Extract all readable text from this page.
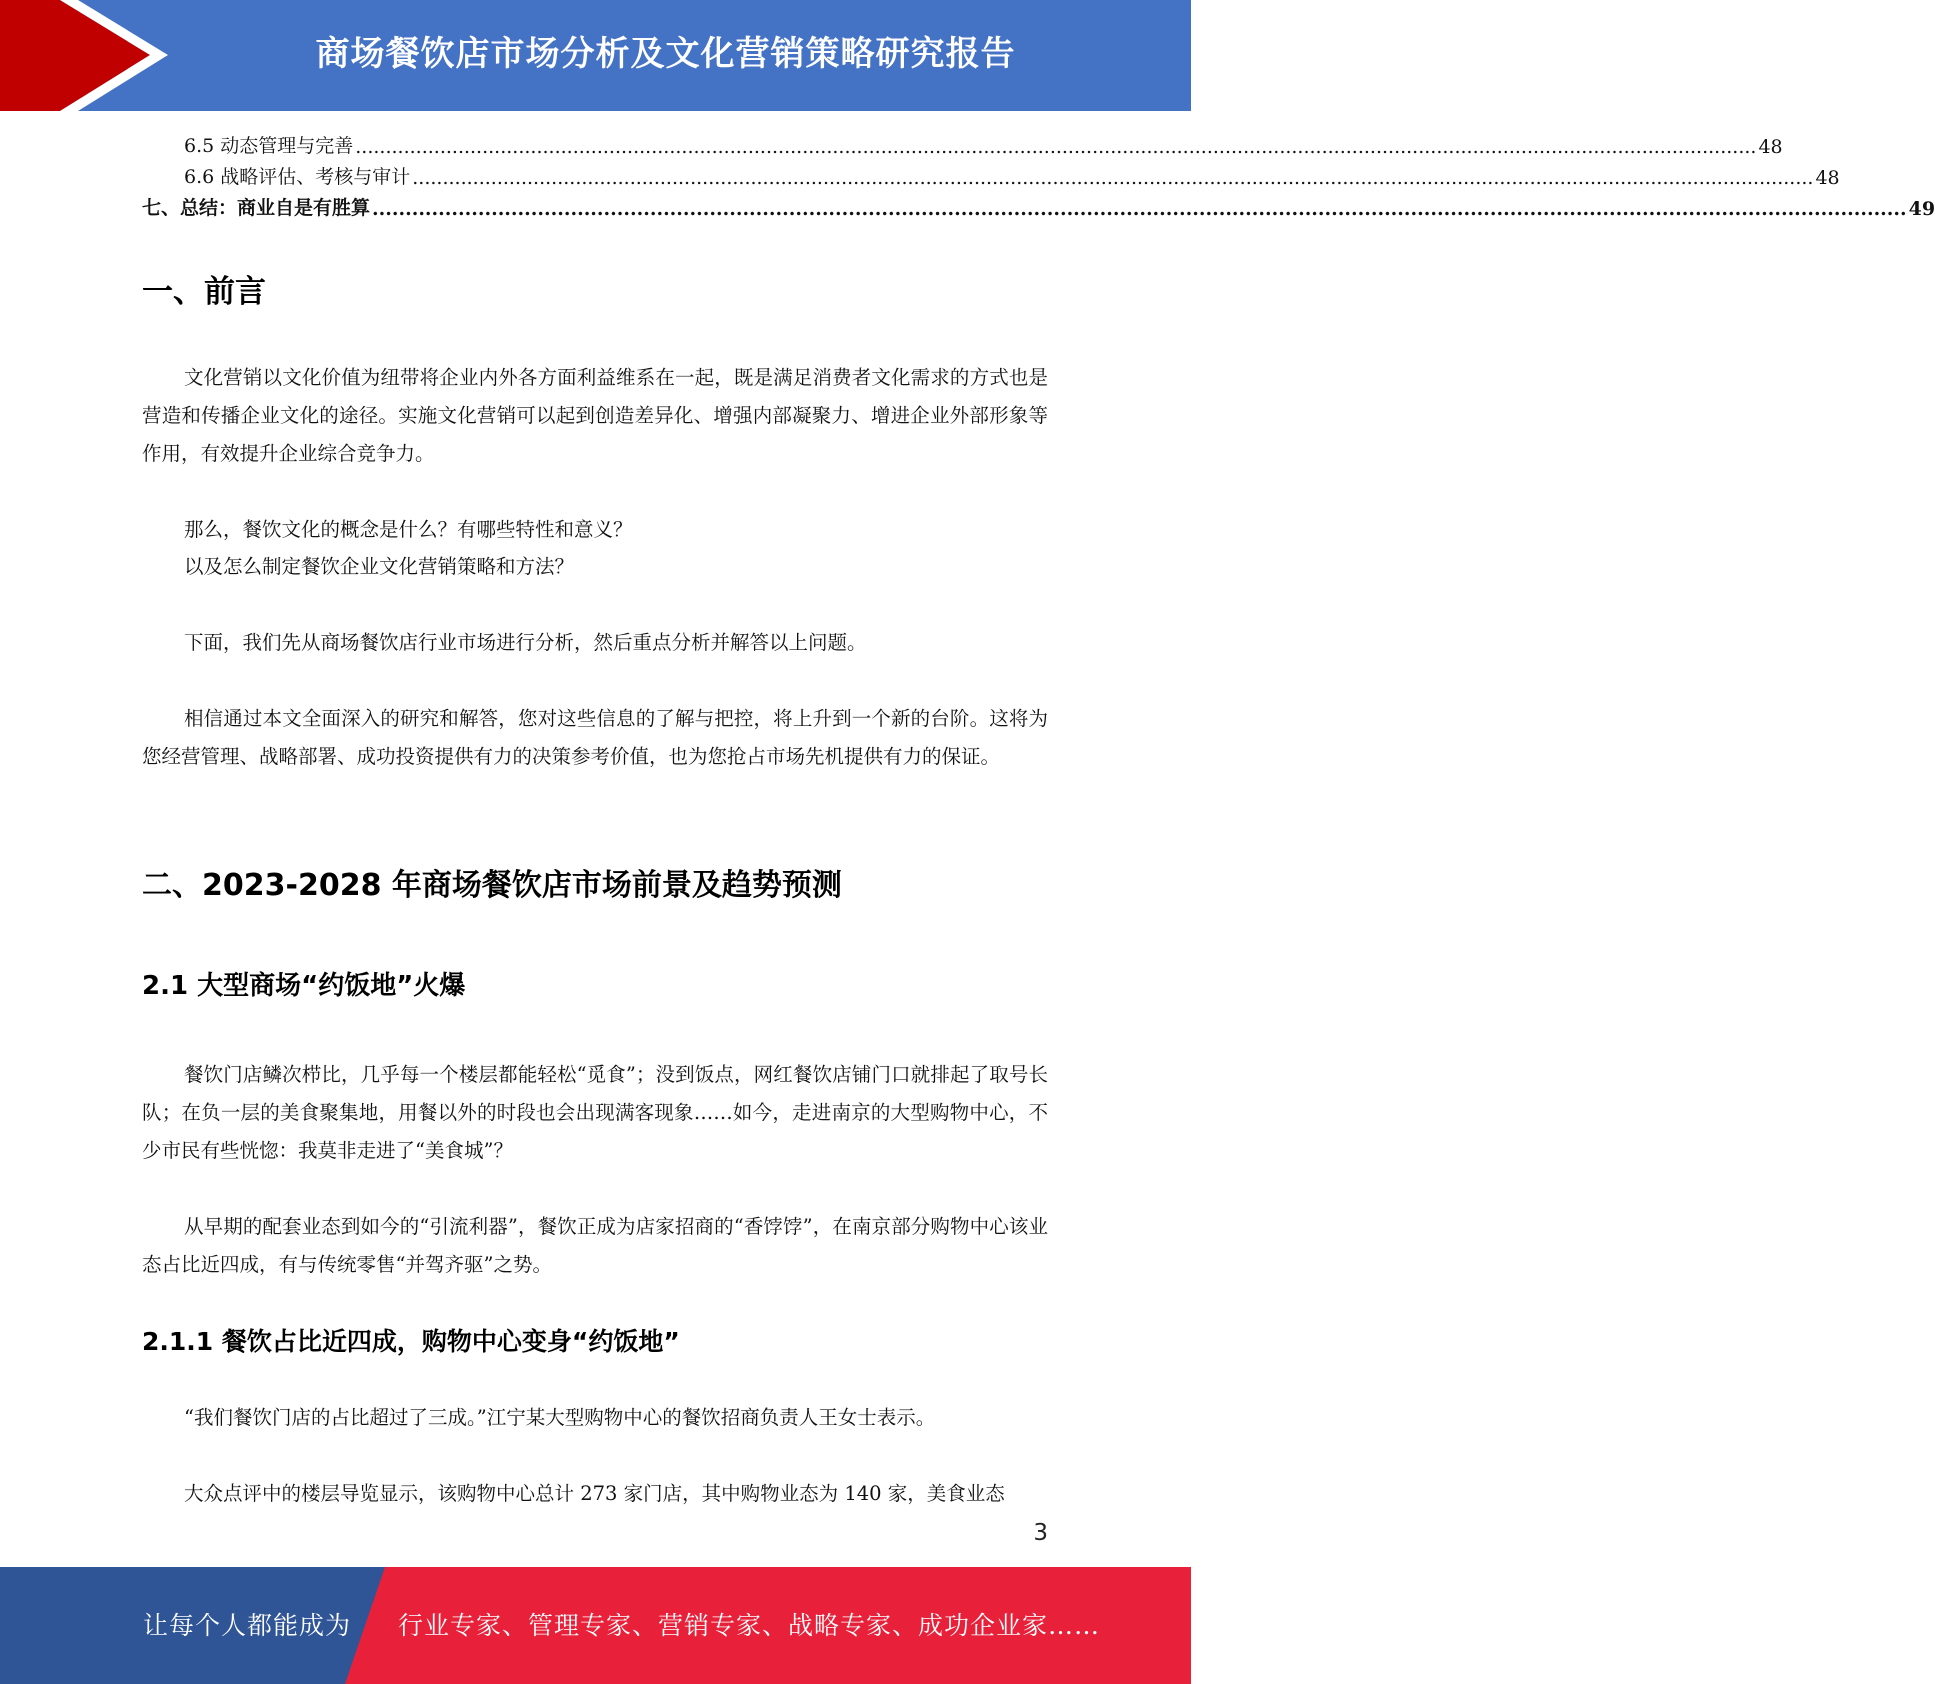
商场餐饮店市场分析及文化营销策略研究报告
6.5 动态管理与完善 ........................................................................................................................................................................................................................................ 48
6.6 战略评估、考核与审计 ........................................................................................................................................................................................................................................ 48
七、总结：商业自是有胜算 ........................................................................................................................................................................................................................................ 49
一、前言

文化营销以文化价值为纽带将企业内外各方面利益维系在一起，既是满足消费者文化需求的方式也是营造和传播企业文化的途径。实施文化营销可以起到创造差异化、增强内部凝聚力、增进企业外部形象等作用，有效提升企业综合竞争力。

那么，餐饮文化的概念是什么？有哪些特性和意义？

以及怎么制定餐饮企业文化营销策略和方法？

下面，我们先从商场餐饮店行业市场进行分析，然后重点分析并解答以上问题。

相信通过本文全面深入的研究和解答，您对这些信息的了解与把控，将上升到一个新的台阶。这将为您经营管理、战略部署、成功投资提供有力的决策参考价值，也为您抢占市场先机提供有力的保证。

二、2023-2028 年商场餐饮店市场前景及趋势预测
2.1 大型商场“约饭地”火爆

餐饮门店鳞次栉比，几乎每一个楼层都能轻松“觅食”；没到饭点，网红餐饮店铺门口就排起了取号长队；在负一层的美食聚集地，用餐以外的时段也会出现满客现象……如今，走进南京的大型购物中心，不少市民有些恍惚：我莫非走进了“美食城”？

从早期的配套业态到如今的“引流利器”，餐饮正成为店家招商的“香饽饽”，在南京部分购物中心该业态占比近四成，有与传统零售“并驾齐驱”之势。

2.1.1 餐饮占比近四成，购物中心变身“约饭地”

“我们餐饮门店的占比超过了三成。”江宁某大型购物中心的餐饮招商负责人王女士表示。

大众点评中的楼层导览显示，该购物中心总计 273 家门店，其中购物业态为 140 家，美食业态

3
让每个人都能成为 行业专家、管理专家、营销专家、战略专家、成功企业家……
